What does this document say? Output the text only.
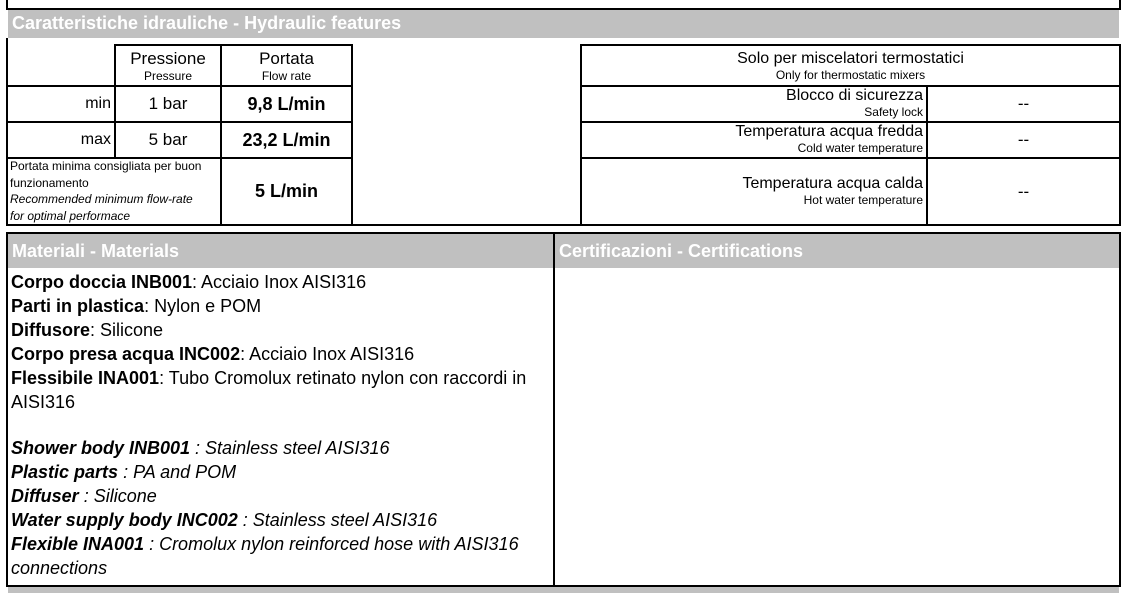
Caratteristiche idrauliche - Hydraulic features
Pressione
Pressure
Portata
Flow rate
min	1 bar	9,8 L/min
max	5 bar	23,2 L/min
Portata minima consigliata per buon
funzionamento
Recommended minimum flow-rate
for optimal performace
5 L/min
Solo per miscelatori termostatici
Only for thermostatic mixers
Blocco di sicurezza
Safety lock	--
Temperatura acqua fredda
Cold water temperature	--
Temperatura acqua calda
Hot water temperature	--
Materiali - Materials	Certificazioni - Certifications

Corpo doccia INB001: Acciaio Inox AISI316

Parti in plastica: Nylon e POM

Diffusore: Silicone

Corpo presa acqua INC002: Acciaio Inox AISI316

Flessibile INA001: Tubo Cromolux retinato nylon con raccordi in AISI316

Shower body INB001 : Stainless steel AISI316

Plastic parts : PA and POM

Diffuser : Silicone

Water supply body INC002 : Stainless steel AISI316

Flexible INA001 : Cromolux nylon reinforced hose with AISI316 connections
